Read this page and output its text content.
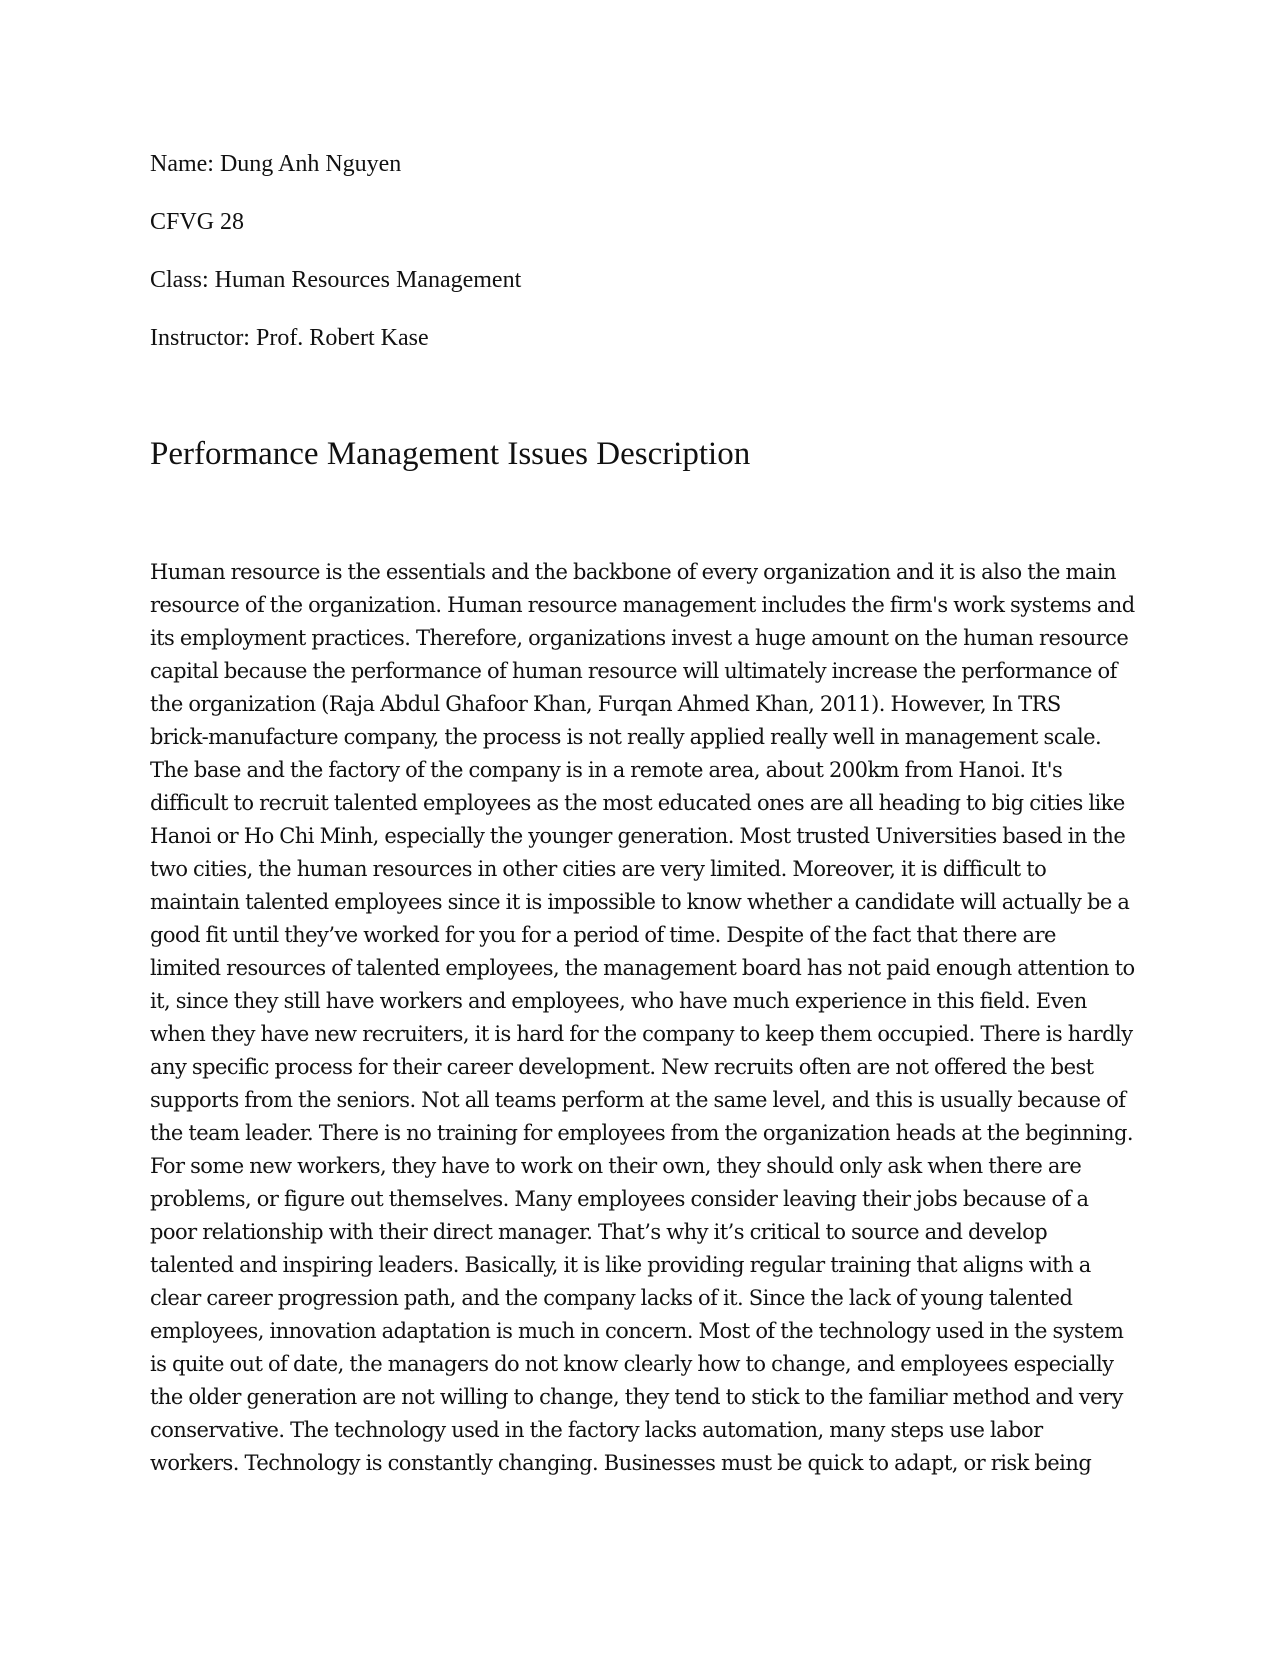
Name: Dung Anh Nguyen

CFVG 28

Class: Human Resources Management

Instructor: Prof. Robert Kase

Performance Management Issues Description
Human resource is the essentials and the backbone of every organization and it is also the main
resource of the organization. Human resource management includes the firm's work systems and
its employment practices. Therefore, organizations invest a huge amount on the human resource
capital because the performance of human resource will ultimately increase the performance of
the organization (Raja Abdul Ghafoor Khan, Furqan Ahmed Khan, 2011). However, In TRS
brick-manufacture company, the process is not really applied really well in management scale.
The base and the factory of the company is in a remote area, about 200km from Hanoi. It's
difficult to recruit talented employees as the most educated ones are all heading to big cities like
Hanoi or Ho Chi Minh, especially the younger generation. Most trusted Universities based in the
two cities, the human resources in other cities are very limited. Moreover, it is difficult to
maintain talented employees since it is impossible to know whether a candidate will actually be a
good fit until they’ve worked for you for a period of time. Despite of the fact that there are
limited resources of talented employees, the management board has not paid enough attention to
it, since they still have workers and employees, who have much experience in this field. Even
when they have new recruiters, it is hard for the company to keep them occupied. There is hardly
any specific process for their career development. New recruits often are not offered the best
supports from the seniors. Not all teams perform at the same level, and this is usually because of
the team leader. There is no training for employees from the organization heads at the beginning.
For some new workers, they have to work on their own, they should only ask when there are
problems, or figure out themselves. Many employees consider leaving their jobs because of a
poor relationship with their direct manager. That’s why it’s critical to source and develop
talented and inspiring leaders. Basically, it is like providing regular training that aligns with a
clear career progression path, and the company lacks of it. Since the lack of young talented
employees, innovation adaptation is much in concern. Most of the technology used in the system
is quite out of date, the managers do not know clearly how to change, and employees especially
the older generation are not willing to change, they tend to stick to the familiar method and very
conservative. The technology used in the factory lacks automation, many steps use labor
workers. Technology is constantly changing. Businesses must be quick to adapt, or risk being
